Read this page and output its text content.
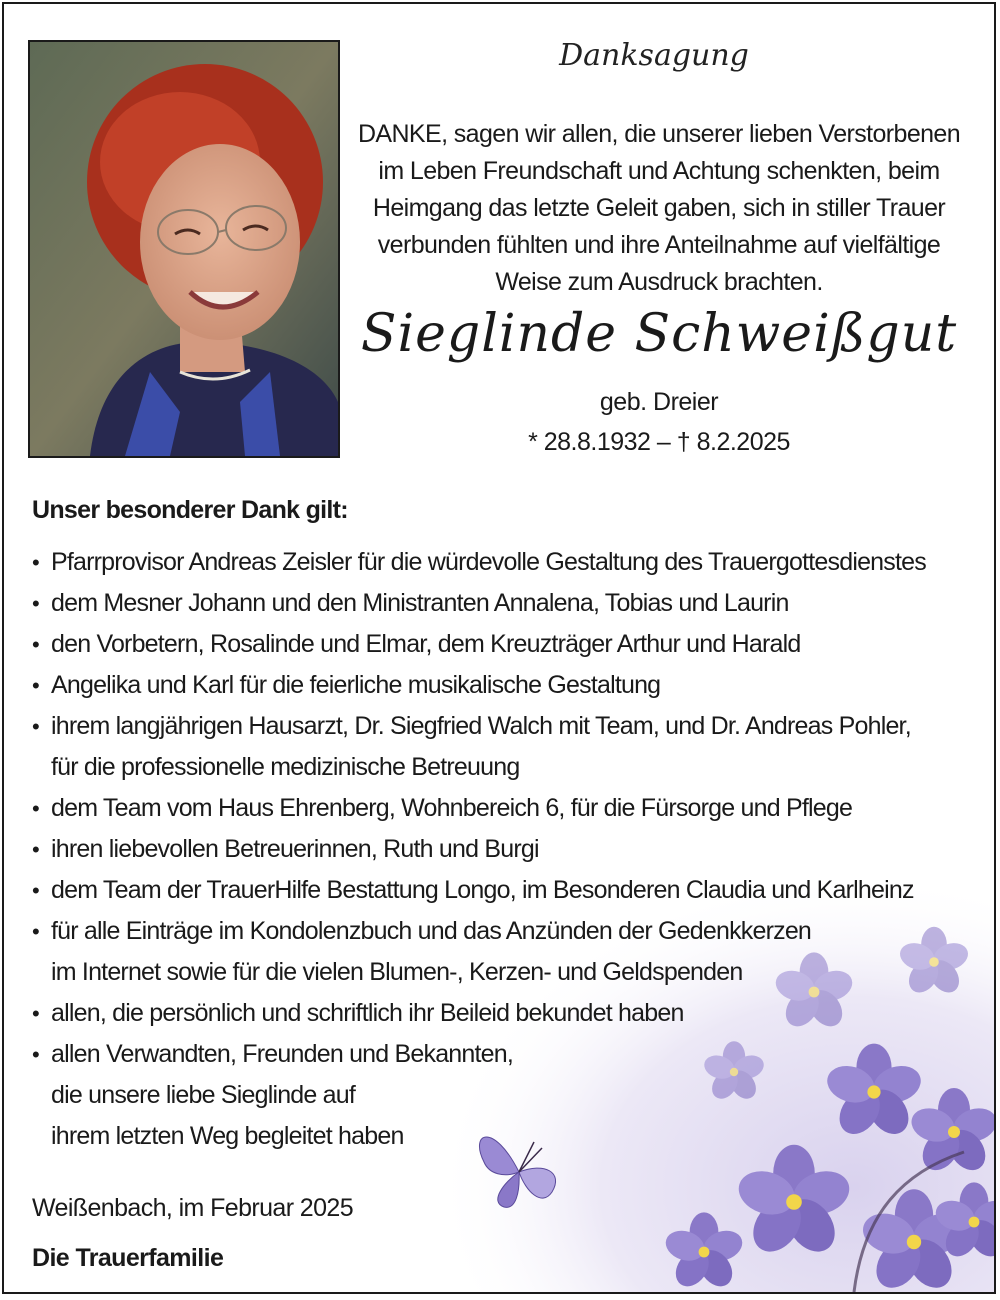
Danksagung
DANKE, sagen wir allen, die unserer lieben Verstorbenen
im Leben Freundschaft und Achtung schenkten, beim
Heimgang das letzte Geleit gaben, sich in stiller Trauer
verbunden fühlten und ihre Anteilnahme auf vielfältige
Weise zum Ausdruck brachten.
Sieglinde Schweißgut
geb. Dreier
* 28.8.1932 – † 8.2.2025
Unser besonderer Dank gilt:
• Pfarrprovisor Andreas Zeisler für die würdevolle Gestaltung des Trauergottesdienstes
• dem Mesner Johann und den Ministranten Annalena, Tobias und Laurin
• den Vorbetern, Rosalinde und Elmar, dem Kreuzträger Arthur und Harald
• Angelika und Karl für die feierliche musikalische Gestaltung
• ihrem langjährigen Hausarzt, Dr. Siegfried Walch mit Team, und Dr. Andreas Pohler,
für die professionelle medizinische Betreuung
• dem Team vom Haus Ehrenberg, Wohnbereich 6, für die Fürsorge und Pflege
• ihren liebevollen Betreuerinnen, Ruth und Burgi
• dem Team der TrauerHilfe Bestattung Longo, im Besonderen Claudia und Karlheinz
• für alle Einträge im Kondolenzbuch und das Anzünden der Gedenkkerzen
im Internet sowie für die vielen Blumen-, Kerzen- und Geldspenden
• allen, die persönlich und schriftlich ihr Beileid bekundet haben
• allen Verwandten, Freunden und Bekannten,
die unsere liebe Sieglinde auf
ihrem letzten Weg begleitet haben
Weißenbach, im Februar 2025
Die Trauerfamilie
